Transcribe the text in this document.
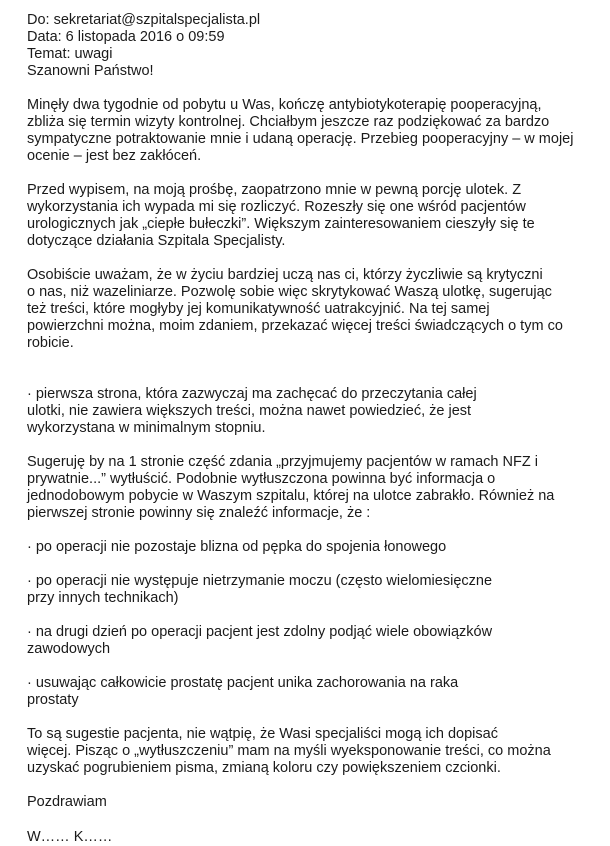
Do: sekretariat@szpitalspecjalista.pl

Data: 6 listopada 2016 o 09:59

Temat: uwagi

Szanowni Państwo!

Minęły dwa tygodnie od pobytu u Was, kończę antybiotykoterapię pooperacyjną,
zbliża się termin wizyty kontrolnej. Chciałbym jeszcze raz podziękować za bardzo
sympatyczne potraktowanie mnie i udaną operację. Przebieg pooperacyjny – w mojej
ocenie – jest bez zakłóceń.

Przed wypisem, na moją prośbę, zaopatrzono mnie w pewną porcję ulotek. Z
wykorzystania ich wypada mi się rozliczyć. Rozeszły się one wśród pacjentów
urologicznych jak „ciepłe bułeczki”. Większym zainteresowaniem cieszyły się te
dotyczące działania Szpitala Specjalisty.

Osobiście uważam, że w życiu bardziej uczą nas ci, którzy życzliwie są krytyczni
o nas, niż wazeliniarze. Pozwolę sobie więc skrytykować Waszą ulotkę, sugerując
też treści, które mogłyby jej komunikatywność uatrakcyjnić. Na tej samej
powierzchni można, moim zdaniem, przekazać więcej treści świadczących o tym co
robicie.

· pierwsza strona, która zazwyczaj ma zachęcać do przeczytania całej
ulotki, nie zawiera większych treści, można nawet powiedzieć, że jest
wykorzystana w minimalnym stopniu.

Sugeruję by na 1 stronie część zdania „przyjmujemy pacjentów w ramach NFZ i
prywatnie...” wytłuścić. Podobnie wytłuszczona powinna być informacja o
jednodobowym pobycie w Waszym szpitalu, której na ulotce zabrakło. Również na
pierwszej stronie powinny się znaleźć informacje, że :

· po operacji nie pozostaje blizna od pępka do spojenia łonowego

· po operacji nie występuje nietrzymanie moczu (często wielomiesięczne
przy innych technikach)

· na drugi dzień po operacji pacjent jest zdolny podjąć wiele obowiązków
zawodowych

· usuwając całkowicie prostatę pacjent unika zachorowania na raka
prostaty

To są sugestie pacjenta, nie wątpię, że Wasi specjaliści mogą ich dopisać
więcej. Pisząc o „wytłuszczeniu” mam na myśli wyeksponowanie treści, co można
uzyskać pogrubieniem pisma, zmianą koloru czy powiększeniem czcionki.

Pozdrawiam

W…… K……
